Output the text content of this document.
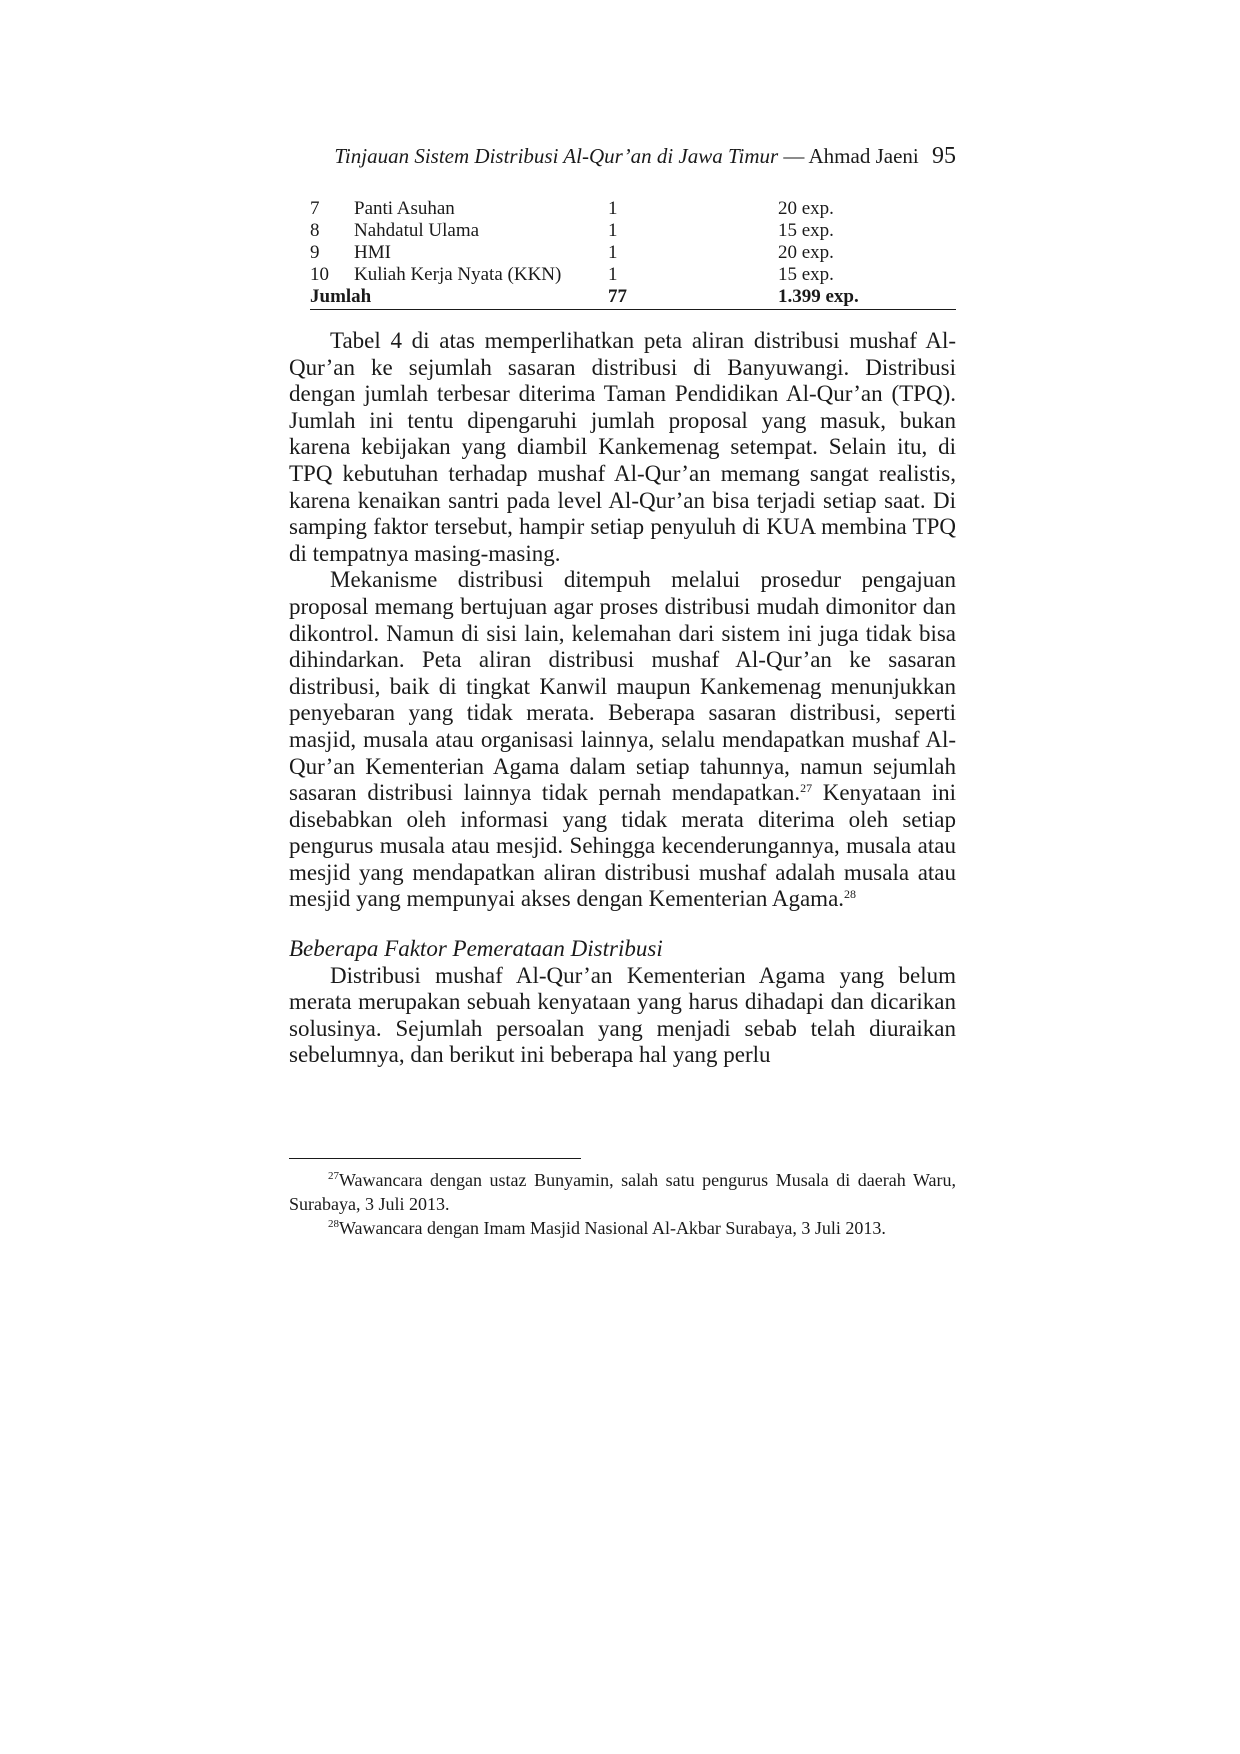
Tinjauan Sistem Distribusi Al-Qur’an di Jawa Timur — Ahmad Jaeni 95
7	Panti Asuhan	1	20 exp.
8	Nahdatul Ulama	1	15 exp.
9	HMI	1	20 exp.
10	Kuliah Kerja Nyata (KKN)	1	15 exp.
Jumlah		77	1.399 exp.

Tabel 4 di atas memperlihatkan peta aliran distribusi mushaf Al-Qur’an ke sejumlah sasaran distribusi di Banyuwangi. Distribusi dengan jumlah terbesar diterima Taman Pendidikan Al-Qur’an (TPQ). Jumlah ini tentu dipengaruhi jumlah proposal yang masuk, bukan karena kebijakan yang diambil Kankemenag setempat. Selain itu, di TPQ kebutuhan terhadap mushaf Al-Qur’an memang sangat realistis, karena kenaikan santri pada level Al-Qur’an bisa terjadi setiap saat. Di samping faktor tersebut, hampir setiap penyuluh di KUA membina TPQ di tempatnya masing-masing.

Mekanisme distribusi ditempuh melalui prosedur pengajuan proposal memang bertujuan agar proses distribusi mudah dimonitor dan dikontrol. Namun di sisi lain, kelemahan dari sistem ini juga tidak bisa dihindarkan. Peta aliran distribusi mushaf Al-Qur’an ke sasaran distribusi, baik di tingkat Kanwil maupun Kankemenag menunjukkan penyebaran yang tidak merata. Beberapa sasaran distribusi, seperti masjid, musala atau organisasi lainnya, selalu mendapatkan mushaf Al-Qur’an Kementerian Agama dalam setiap tahunnya, namun sejumlah sasaran distribusi lainnya tidak pernah mendapatkan.$^{27}$ Kenyataan ini disebabkan oleh informasi yang tidak merata diterima oleh setiap pengurus musala atau mesjid. Sehingga kecenderungannya, musala atau mesjid yang mendapatkan aliran distribusi mushaf adalah musala atau mesjid yang mempunyai akses dengan Kementerian Agama.$^{28}$

Beberapa Faktor Pemerataan Distribusi

Distribusi mushaf Al-Qur’an Kementerian Agama yang belum merata merupakan sebuah kenyataan yang harus dihadapi dan dicarikan solusinya. Sejumlah persoalan yang menjadi sebab telah diuraikan sebelumnya, dan berikut ini beberapa hal yang perlu

$^{27}$Wawancara dengan ustaz Bunyamin, salah satu pengurus Musala di daerah Waru, Surabaya, 3 Juli 2013.

$^{28}$Wawancara dengan Imam Masjid Nasional Al-Akbar Surabaya, 3 Juli 2013.
